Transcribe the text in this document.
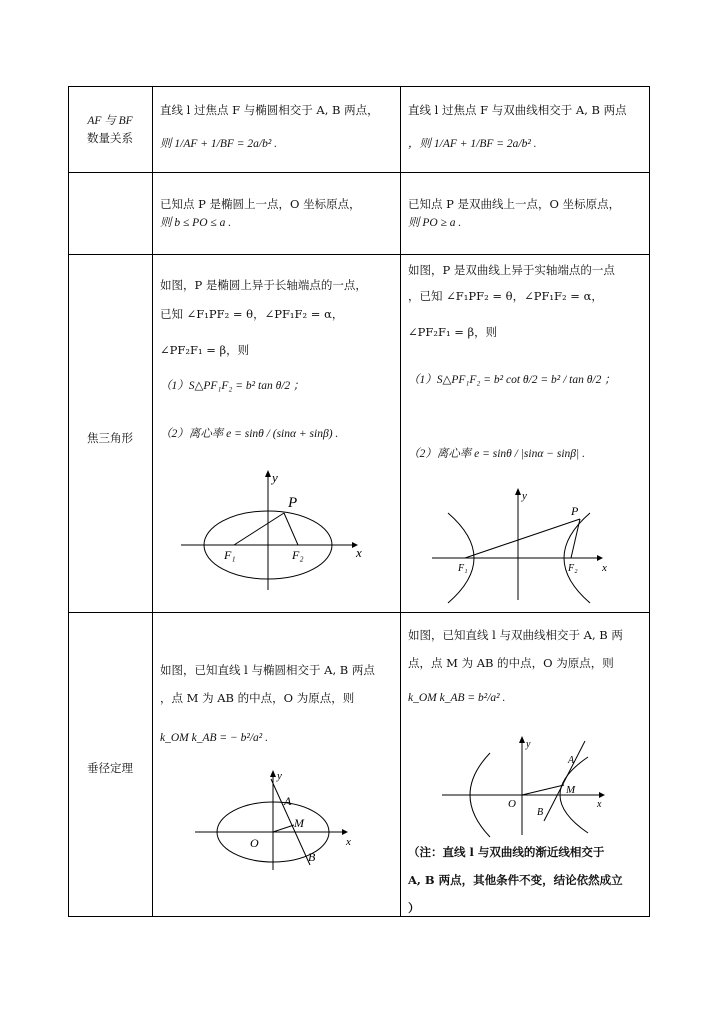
AF 与 BF
数量关系
直线 l 过焦点 F 与椭圆相交于 A, B 两点，
则 1/AF + 1/BF = 2a/b² .
直线 l 过焦点 F 与双曲线相交于 A, B 两点
，则 1/AF + 1/BF = 2a/b² .
已知点 P 是椭圆上一点，O 坐标原点，
则 b ≤ PO ≤ a .
已知点 P 是双曲线上一点，O 坐标原点，
则 PO ≥ a .
焦三角形
如图，P 是椭圆上异于长轴端点的一点，
已知 ∠F₁PF₂ = θ，∠PF₁F₂ = α，
∠PF₂F₁ = β，则
（1）S△PF₁F₂ = b² tan θ/2 ；
（2）离心率 e = sinθ / (sinα + sinβ) .
如图，P 是双曲线上异于实轴端点的一点
，已知 ∠F₁PF₂ = θ，∠PF₁F₂ = α，
∠PF₂F₁ = β，则
（1）S△PF₁F₂ = b² cot θ/2 = b² / tan θ/2 ；
（2）离心率 e = sinθ / |sinα − sinβ| .
y
x
P
F₁	F₂
y
x
P
F₁	F₂
垂径定理
如图，已知直线 l 与椭圆相交于 A, B 两点
，点 M 为 AB 的中点，O 为原点，则
k_OM k_AB = − b²/a² .
如图，已知直线 l 与双曲线相交于 A, B 两
点，点 M 为 AB 的中点，O 为原点，则
k_OM k_AB = b²/a² .
（注：直线 l 与双曲线的渐近线相交于
A, B 两点，其他条件不变，结论依然成立
）
y
x
O
A
B
M
y
x
O
A
B
M
